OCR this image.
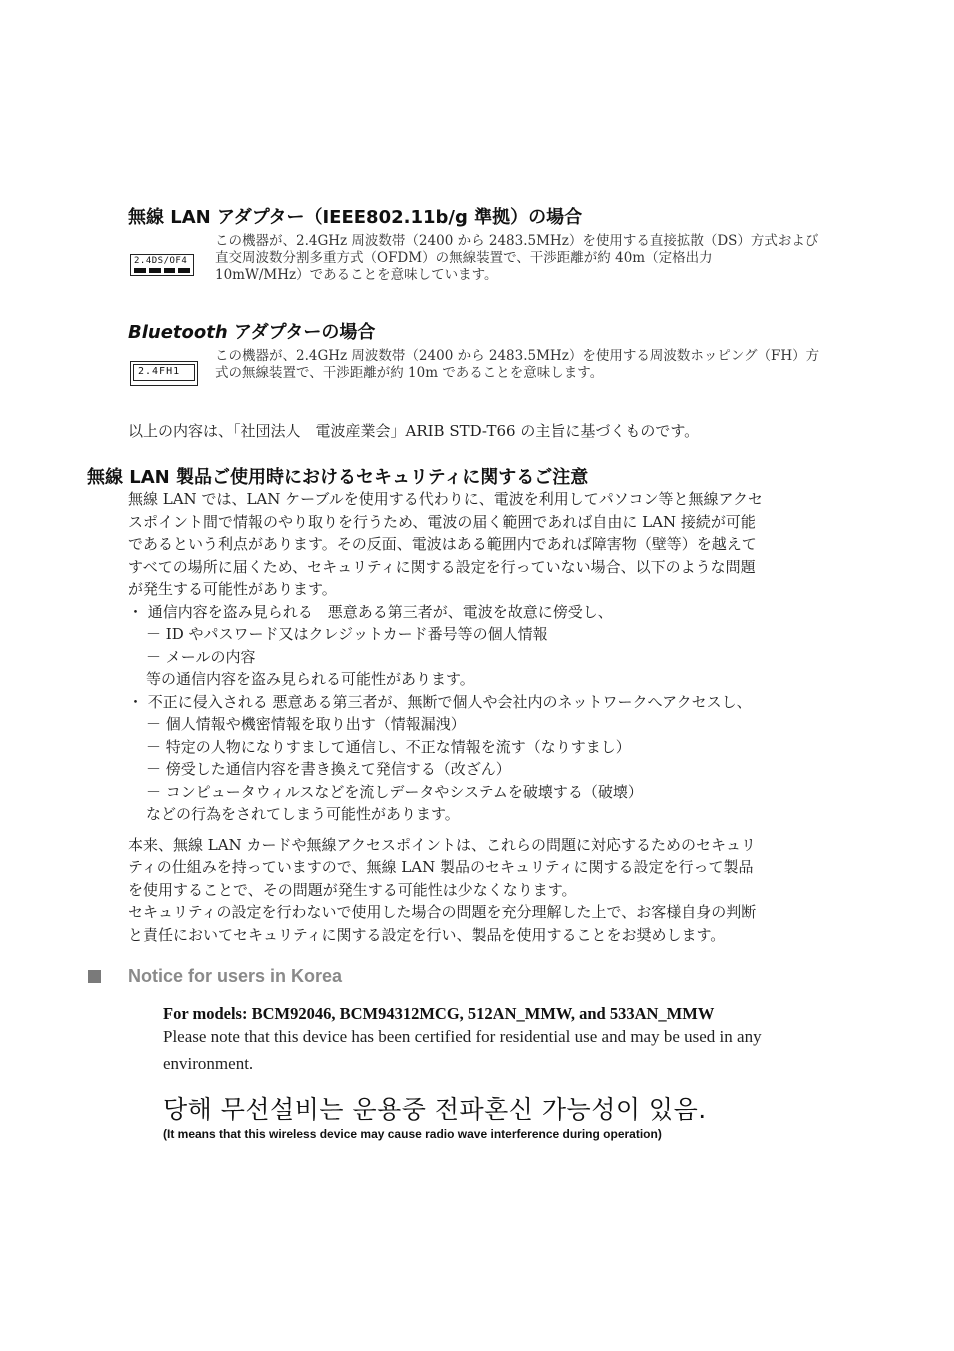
無線 LAN アダプター（IEEE802.11b/g 準拠）の場合
2.4DS/OF4
この機器が、2.4GHz 周波数帯（2400 から 2483.5MHz）を使用する直接拡散（DS）方式および
直交周波数分割多重方式（OFDM）の無線装置で、干渉距離が約 40m（定格出力
10mW/MHz）であることを意味しています。
Bluetooth アダプターの場合
2.4FH1
この機器が、2.4GHz 周波数帯（2400 から 2483.5MHz）を使用する周波数ホッピング（FH）方
式の無線装置で、干渉距離が約 10m であることを意味します。
以上の内容は、「社団法人　電波産業会」ARIB STD-T66 の主旨に基づくものです。
無線 LAN 製品ご使用時におけるセキュリティに関するご注意
無線 LAN では、LAN ケーブルを使用する代わりに、電波を利用してパソコン等と無線アクセ
スポイント間で情報のやり取りを行うため、電波の届く範囲であれば自由に LAN 接続が可能
であるという利点があります。その反面、電波はある範囲内であれば障害物（壁等）を越えて
すべての場所に届くため、セキュリティに関する設定を行っていない場合、以下のような問題
が発生する可能性があります。
・ 通信内容を盗み見られる　悪意ある第三者が、電波を故意に傍受し、
－ ID やパスワード又はクレジットカード番号等の個人情報
－ メールの内容
等の通信内容を盗み見られる可能性があります。
・ 不正に侵入される 悪意ある第三者が、無断で個人や会社内のネットワークへアクセスし、
－ 個人情報や機密情報を取り出す（情報漏洩）
－ 特定の人物になりすまして通信し、不正な情報を流す（なりすまし）
－ 傍受した通信内容を書き換えて発信する（改ざん）
－ コンピュータウィルスなどを流しデータやシステムを破壊する（破壊）
などの行為をされてしまう可能性があります。
本来、無線 LAN カードや無線アクセスポイントは、これらの問題に対応するためのセキュリ
ティの仕組みを持っていますので、無線 LAN 製品のセキュリティに関する設定を行って製品
を使用することで、その問題が発生する可能性は少なくなります。
セキュリティの設定を行わないで使用した場合の問題を充分理解した上で、お客様自身の判断
と責任においてセキュリティに関する設定を行い、製品を使用することをお奨めします。
Notice for users in Korea
For models: BCM92046, BCM94312MCG, 512AN_MMW, and 533AN_MMW
Please note that this device has been certified for residential use and may be used in any
environment.
당해 무선설비는 운용중 전파혼신 가능성이 있음.
(It means that this wireless device may cause radio wave interference during operation)
